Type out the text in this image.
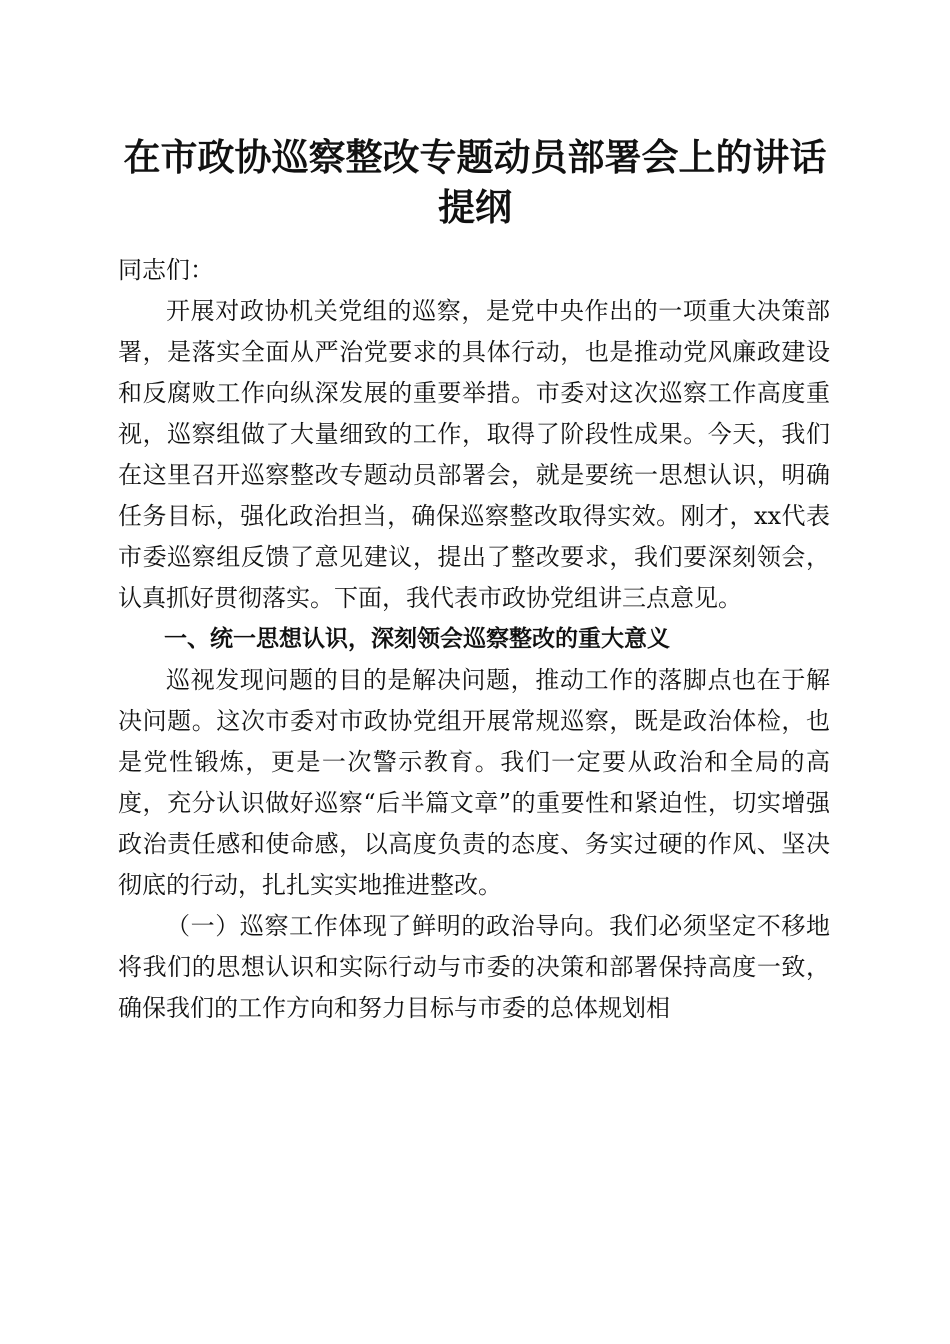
在市政协巡察整改专题动员部署会上的讲话提纲

同志们：

开展对政协机关党组的巡察，是党中央作出的一项重大决策部署，是落实全面从严治党要求的具体行动，也是推动党风廉政建设和反腐败工作向纵深发展的重要举措。市委对这次巡察工作高度重视，巡察组做了大量细致的工作，取得了阶段性成果。今天，我们在这里召开巡察整改专题动员部署会，就是要统一思想认识，明确任务目标，强化政治担当，确保巡察整改取得实效。刚才，xx代表市委巡察组反馈了意见建议，提出了整改要求，我们要深刻领会，认真抓好贯彻落实。下面，我代表市政协党组讲三点意见。

一、统一思想认识，深刻领会巡察整改的重大意义

巡视发现问题的目的是解决问题，推动工作的落脚点也在于解决问题。这次市委对市政协党组开展常规巡察，既是政治体检，也是党性锻炼，更是一次警示教育。我们一定要从政治和全局的高度，充分认识做好巡察“后半篇文章”的重要性和紧迫性，切实增强政治责任感和使命感，以高度负责的态度、务实过硬的作风、坚决彻底的行动，扎扎实实地推进整改。

（一）巡察工作体现了鲜明的政治导向。我们必须坚定不移地将我们的思想认识和实际行动与市委的决策和部署保持高度一致，确保我们的工作方向和努力目标与市委的总体规划相
